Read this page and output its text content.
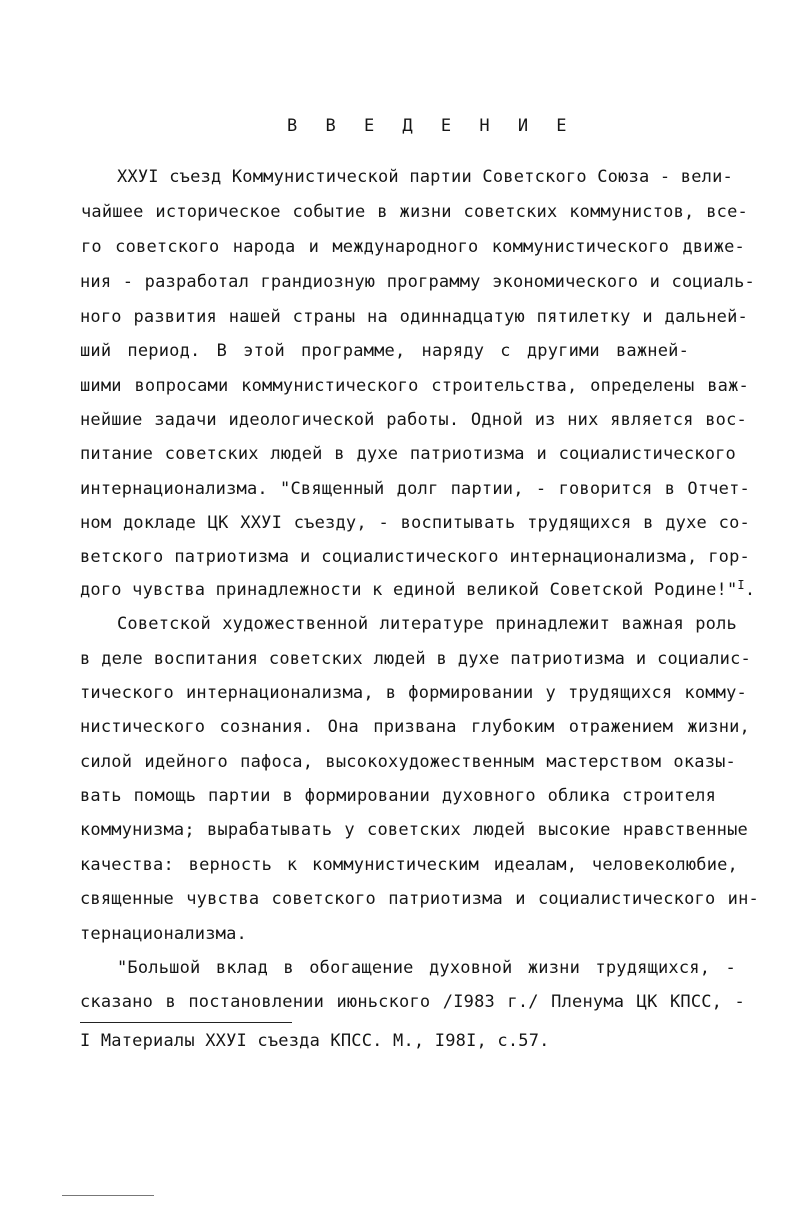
В В Е Д Е Н И Е
ХХУI съезд Коммунистической партии Советского Союза - вели-
чайшее историческое событие в жизни советских коммунистов, все-
го советского народа и международного коммунистического движе-
ния - разработал грандиозную программу экономического и социаль-
ного развития нашей страны на одиннадцатую пятилетку и дальней-
ший период. В этой программе, наряду с другими важней-
шими вопросами коммунистического строительства, определены важ-
нейшие задачи идеологической работы. Одной из них является вос-
питание советских людей в духе патриотизма и социалистического
интернационализма. "Священный долг партии, - говорится в Отчет-
ном докладе ЦК ХХУI съезду, - воспитывать трудящихся в духе со-
ветского патриотизма и социалистического интернационализма, гор-
дого чувства принадлежности к единой великой Советской Родине!"$^I$.
Советской художественной литературе принадлежит важная роль
в деле воспитания советских людей в духе патриотизма и социалис-
тического интернационализма, в формировании у трудящихся комму-
нистического сознания. Она призвана глубоким отражением жизни,
силой идейного пафоса, высокохудожественным мастерством оказы-
вать помощь партии в формировании духовного облика строителя
коммунизма; вырабатывать у советских людей высокие нравственные
качества: верность к коммунистическим идеалам, человеколюбие,
священные чувства советского патриотизма и социалистического ин-
тернационализма.
"Большой вклад в обогащение духовной жизни трудящихся, -
сказано в постановлении июньского /I983 г./ Пленума ЦК КПСС, -
I Материалы ХХУI съезда КПСС. М., I98I, с.57.
